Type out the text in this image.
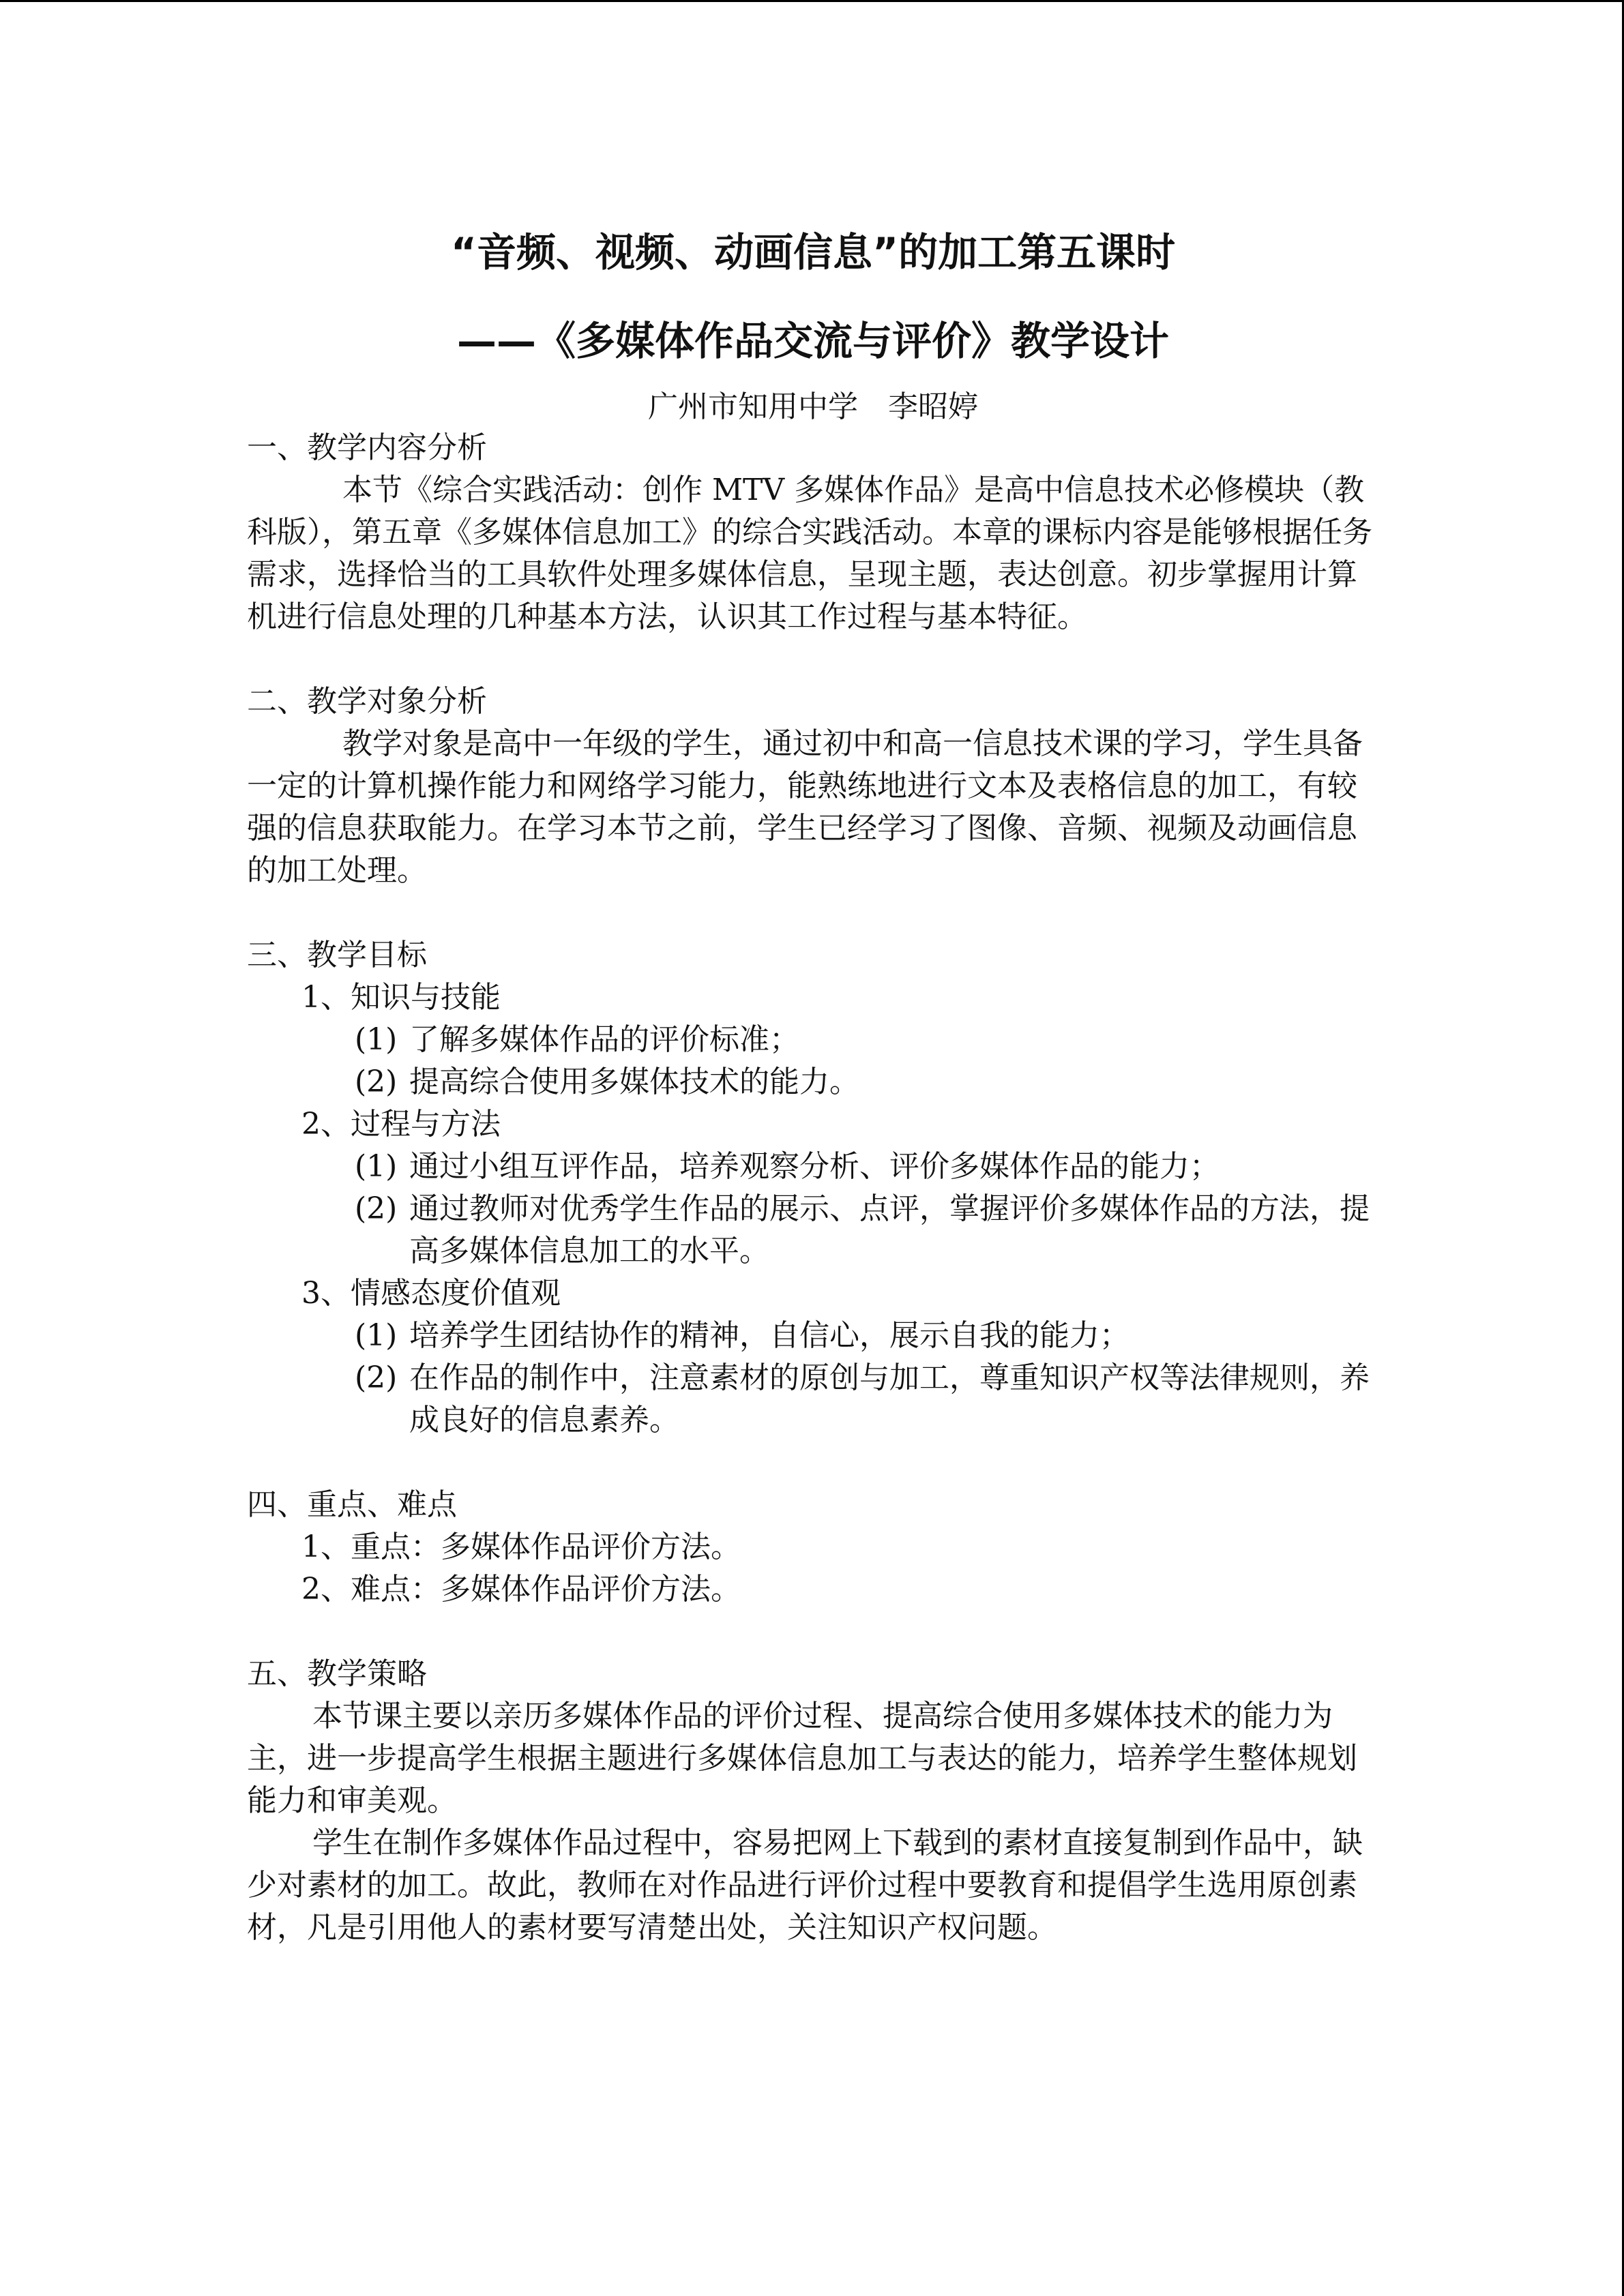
“音频、视频、动画信息”的加工第五课时
——《多媒体作品交流与评价》教学设计
广州市知用中学　李昭婷
一、教学内容分析

本节《综合实践活动：创作 MTV 多媒体作品》是高中信息技术必修模块（教科版），第五章《多媒体信息加工》的综合实践活动。本章的课标内容是能够根据任务需求，选择恰当的工具软件处理多媒体信息，呈现主题，表达创意。初步掌握用计算机进行信息处理的几种基本方法，认识其工作过程与基本特征。

二、教学对象分析

教学对象是高中一年级的学生，通过初中和高一信息技术课的学习，学生具备一定的计算机操作能力和网络学习能力，能熟练地进行文本及表格信息的加工，有较强的信息获取能力。在学习本节之前，学生已经学习了图像、音频、视频及动画信息的加工处理。

三、教学目标
1、知识与技能
(1) 了解多媒体作品的评价标准；
(2) 提高综合使用多媒体技术的能力。
2、过程与方法
(1) 通过小组互评作品，培养观察分析、评价多媒体作品的能力；
(2) 通过教师对优秀学生作品的展示、点评，掌握评价多媒体作品的方法，提高多媒体信息加工的水平。
3、情感态度价值观
(1) 培养学生团结协作的精神，自信心，展示自我的能力；
(2) 在作品的制作中，注意素材的原创与加工，尊重知识产权等法律规则，养成良好的信息素养。
四、重点、难点
1、重点：多媒体作品评价方法。
2、难点：多媒体作品评价方法。
五、教学策略

本节课主要以亲历多媒体作品的评价过程、提高综合使用多媒体技术的能力为主，进一步提高学生根据主题进行多媒体信息加工与表达的能力，培养学生整体规划能力和审美观。

学生在制作多媒体作品过程中，容易把网上下载到的素材直接复制到作品中，缺少对素材的加工。故此，教师在对作品进行评价过程中要教育和提倡学生选用原创素材，凡是引用他人的素材要写清楚出处，关注知识产权问题。
